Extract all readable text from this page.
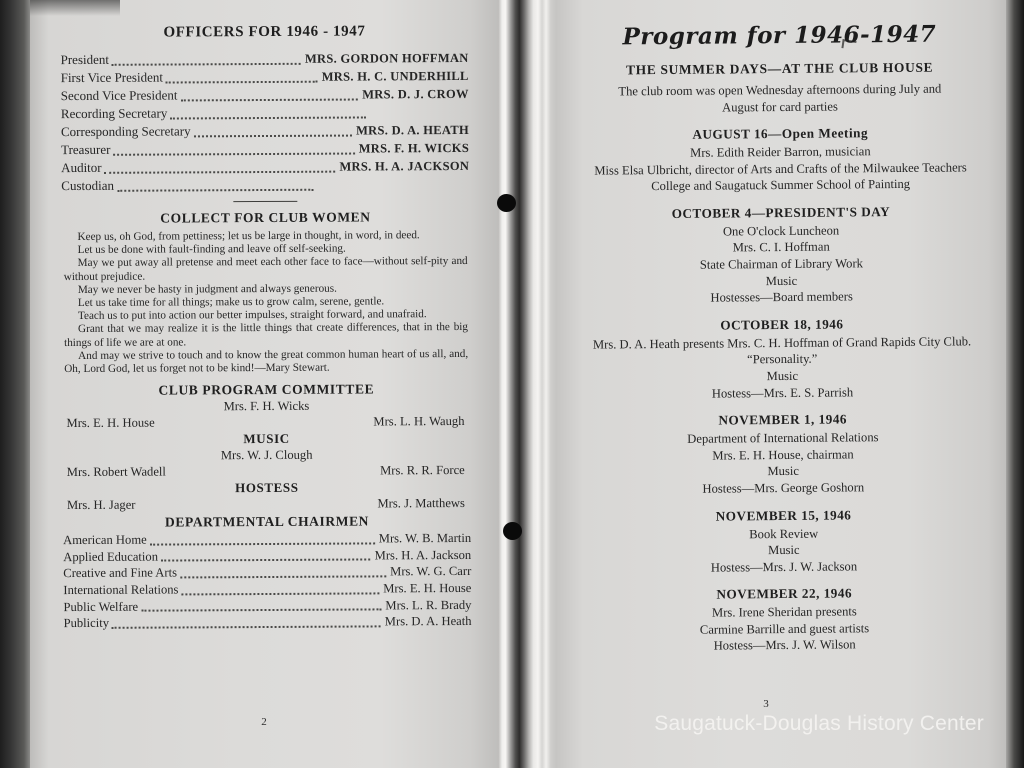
OFFICERS FOR 1946 - 1947
President	MRS. GORDON HOFFMAN
First Vice President	MRS. H. C. UNDERHILL
Second Vice President	MRS. D. J. CROW
Recording Secretary
Corresponding Secretary	MRS. D. A. HEATH
Treasurer	MRS. F. H. WICKS
Auditor	MRS. H. A. JACKSON
Custodian
COLLECT FOR CLUB WOMEN

Keep us, oh God, from pettiness; let us be large in thought, in word, in deed.

Let us be done with fault-finding and leave off self-seeking.

May we put away all pretense and meet each other face to face—without self-pity and without prejudice.

May we never be hasty in judgment and always generous.

Let us take time for all things; make us to grow calm, serene, gentle.

Teach us to put into action our better impulses, straight forward, and unafraid.

Grant that we may realize it is the little things that create differences, that in the big things of life we are at one.

And may we strive to touch and to know the great common human heart of us all, and, Oh, Lord God, let us forget not to be kind!—Mary Stewart.

CLUB PROGRAM COMMITTEE
Mrs. F. H. Wicks
Mrs. E. H. House	Mrs. L. H. Waugh
MUSIC
Mrs. W. J. Clough
Mrs. Robert Wadell	Mrs. R. R. Force
HOSTESS
Mrs. H. Jager	Mrs. J. Matthews
DEPARTMENTAL CHAIRMEN
American Home	Mrs. W. B. Martin
Applied Education	Mrs. H. A. Jackson
Creative and Fine Arts	Mrs. W. G. Carr
International Relations	Mrs. E. H. House
Public Welfare	Mrs. L. R. Brady
Publicity	Mrs. D. A. Heath
2
Program for 1946-1947
THE SUMMER DAYS—AT THE CLUB HOUSE

The club room was open Wednesday afternoons during July and August for card parties

AUGUST 16—Open Meeting

Mrs. Edith Reider Barron, musician

Miss Elsa Ulbricht, director of Arts and Crafts of the Milwaukee Teachers College and Saugatuck Summer School of Painting

OCTOBER 4—PRESIDENT'S DAY

One O'clock Luncheon

Mrs. C. I. Hoffman

State Chairman of Library Work

Music

Hostesses—Board members

OCTOBER 18, 1946

Mrs. D. A. Heath presents Mrs. C. H. Hoffman of Grand Rapids City Club. “Personality.”

Music

Hostess—Mrs. E. S. Parrish

NOVEMBER 1, 1946

Department of International Relations

Mrs. E. H. House, chairman

Music

Hostess—Mrs. George Goshorn

NOVEMBER 15, 1946

Book Review

Music

Hostess—Mrs. J. W. Jackson

NOVEMBER 22, 1946

Mrs. Irene Sheridan presents

Carmine Barrille and guest artists

Hostess—Mrs. J. W. Wilson

3
Saugatuck-Douglas History Center
